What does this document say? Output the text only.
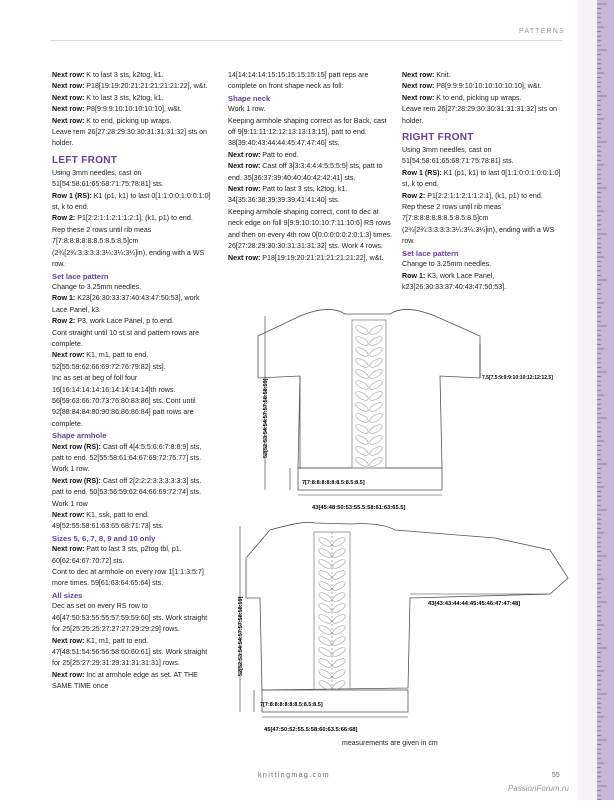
PATTERNS

Next row: K to last 3 sts, k2tog, k1.

Next row: P18[19:19:20:21:21:21:21:21:22], w&t.

Next row: K to last 3 sts, k2tog, k1.

Next row: P8[9:9:9:10:10:10:10:10], w&t.

Next row: K to end, picking up wraps.

Leave rem 26[27:28:29:30:30:31:31:31:32] sts on holder.

LEFT FRONT

Using 3mm needles, cast on 51[54:58:61:65:68:71:75:78:81] sts.

Row 1 (RS): K1 (p1, k1) to last 0[1:1:0:0:1:0:0:1:0] st, k to end.

Row 2: P1[2:2:1:1:2:1:1:2:1], (k1, p1) to end.

Rep these 2 rows until rib meas 7[7:8:8:8:8:8:8.5:8.5:8.5]cm (2¾[2¾:3:3:3:3:3¼:3¼:3¼]in), ending with a WS row.

Set lace pattern

Change to 3.25mm needles.

Row 1: K23[26:30:33:37:40:43:47:50:53], work Lace Panel, k3.

Row 2: P3, work Lace Panel, p to end.

Cont straight until 10 st st and pattern rows are complete.

Next row: K1, m1, patt to end. 52[55:59:62:66:69:72:76:79:82] sts].

Inc as set at beg of foll four 16[16:14:14:14:16:14:14:14:14]th rows. 56[59:63:66:70:73:76:80:83:86] sts. Cont until 92[88:84:84:80:90:86:86:86:84] patt rows are complete.

Shape armhole

Next row (RS): Cast off 4[4:5:5:6:6:7:8:8:9] sts, patt to end. 52[55:58:61:64:67:69:72:75:77] sts.

Work 1 row.

Next row (RS): Cast off 2[2:2:2:3:3:3:3:3:3] sts. patt to end. 50[53:56:59:62:64:66:69:72:74] sts.

Work 1 row

Next row: K1, ssk, patt to end. 49[52:55:58:61:63:65:68:71:73] sts.

Sizes 5, 6, 7, 8, 9 and 10 only

Next row: Patt to last 3 sts, p2tog tbl, p1. 60[62:64:67:70:72] sts.

Cont to dec at armhole on every row 1[1:1:3:5:7] more times. 59[61:63:64:65:64] sts.

All sizes

Dec as set on every RS row to 46[47:50:53:55:55:57:59:59:60] sts. Work straight for 25[25:25:25:27:27:27:29:29:29] rows.

Next row: K1, m1, patt to end. 47[48:51:54:56:56:58:60:60:61] sts. Work straight for 25[25:27:29:31:29:31:31:31:31] rows.

Next row: Inc at armhole edge as set. AT THE SAME TIME once

14[14:14:14:15:15:15:15:15:15] patt reps are complete on front shape neck as foll:

Shape neck

Work 1 row.

Keeping armhole shaping correct as for Back, cast off 9[9:11:11:12:12:13:13:13:15], patt to end. 38[39:40:43:44:44:45:47:47:46] sts.

Next row: Patt to end.

Next row: Cast off 3[3:3:4:4:4:5:5:5:5] sts, patt to end. 35[36:37:39:40:40:40:42:42:41] sts.

Next row: Patt to last 3 sts, k2tog, k1. 34[35:36:38:39:39:39:41:41:40] sts.

Keeping armhole shaping correct, cont to dec at neck edge on foll 9[9:9:10:10:10:7:11:10:6] RS rows and then on every 4th row 0[0:0:0:0:0:2:0:1:3] times. 26[27:28:29:30:30:31:31:31:32] sts. Work 4 rows.

Next row: P18[19:19:20:21:21:21:21:21:22], w&t.

Next row: Knit.

Next row: P8[9:9:9:10:10:10:10:10:10], w&t.

Next row: K to end, picking up wraps.

Leave rem 26[27:28:29:30:30:31:31:31:32] sts on holder.

RIGHT FRONT

Using 3mm needles, cast on 51[54:58:61:65:68:71:75:78:81] sts.

Row 1 (RS): K1 (p1, k1) to last 0[1:1:0:0:1:0:0:1:0] st, k to end.

Row 2: P1[2:2:1:1:2:1:1:2:1], (k1, p1) to end.

Rep these 2 rows until rib meas 7[7:8:8:8:8:8:8.5:8.5:8.5]cm (2¾[2¾:3:3:3:3:3¼:3¼:3¼]in), ending with a WS row.

Set lace pattern

Change to 3.25mm needles.

Row 1: K3, work Lace Panel, k23[26:30:33:37:40:43:47:50:53].

52[52:53:54:54:57:57:58:58:59]
7[7:8:8:8:8:8:8.5:8.5:8.5]
43[45:48:50:53:55.5:58:61:63:65.5]
7.5[7.5:9:9:9:10:10:12:12:12.5]
52[52:53:54:54:57:57:58:58:59]
7[7:8:8:8:8:8:8.5:8.5:8.5]
45[47:50:52:55.5:58:60:63.5:66:68]
43[43:43:44:44:45:45:46:47:47:48]
measurements are given in cm
knittingmag.com	55
PassionForum.ru
